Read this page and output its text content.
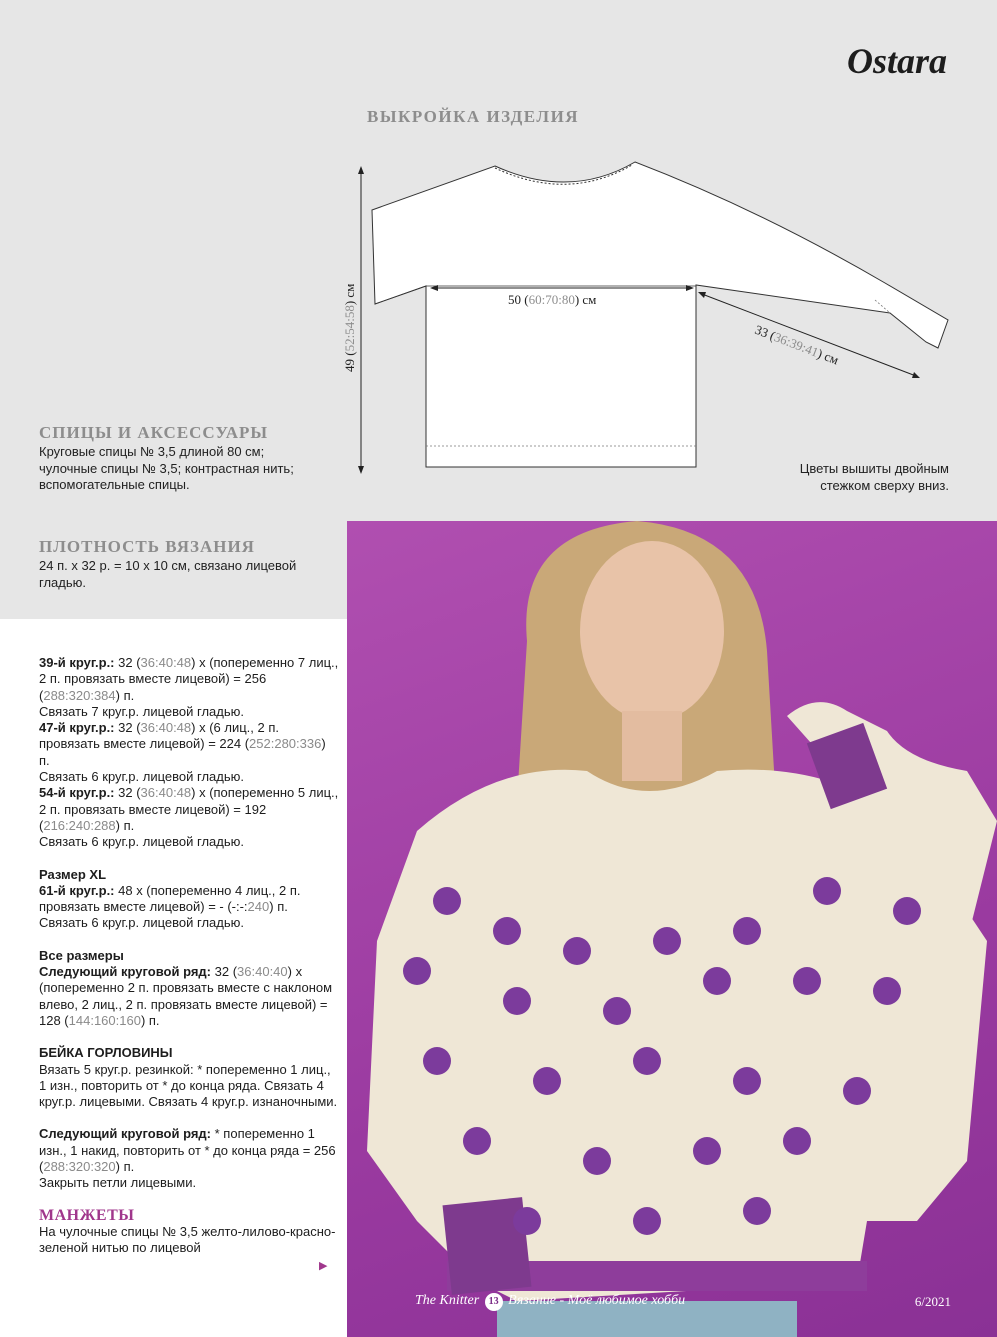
Ostara
ВЫКРОЙКА ИЗДЕЛИЯ
50 (60:70:80) см
49 (52:54:58) см
33 (36:39:41) см
СПИЦЫ И АКСЕССУАРЫ
Круговые спицы № 3,5 длиной 80 см; чулочные спицы № 3,5; контрастная нить; вспомогательные спицы.
ПЛОТНОСТЬ ВЯЗАНИЯ
24 п. х 32 р. = 10 х 10 см, связано лицевой гладью.
Цветы вышиты двойным стежком сверху вниз.

39-й круг.р.: 32 (36:40:48) х (попеременно 7 лиц., 2 п. провязать вместе лицевой) = 256 (288:320:384) п.
Связать 7 круг.р. лицевой гладью.
47-й круг.р.: 32 (36:40:48) х (6 лиц., 2 п. провязать вместе лицевой) = 224 (252:280:336) п.
Связать 6 круг.р. лицевой гладью.
54-й круг.р.: 32 (36:40:48) х (попеременно 5 лиц., 2 п. провязать вместе лицевой) = 192 (216:240:288) п.
Связать 6 круг.р. лицевой гладью.

Размер XL
61-й круг.р.: 48 х (попеременно 4 лиц., 2 п. провязать вместе лицевой) = - (-:-:240) п.
Связать 6 круг.р. лицевой гладью.

Все размеры
Следующий круговой ряд: 32 (36:40:40) х (попеременно 2 п. провязать вместе с наклоном влево, 2 лиц., 2 п. провязать вместе лицевой) = 128 (144:160:160) п.

БЕЙКА ГОРЛОВИНЫ
Вязать 5 круг.р. резинкой: * попеременно 1 лиц., 1 изн., повторить от * до конца ряда. Связать 4 круг.р. лицевыми. Связать 4 круг.р. изнаночными.

Следующий круговой ряд: * попеременно 1 изн., 1 накид, повторить от * до конца ряда = 256 (288:320:320) п.
Закрыть петли лицевыми.

МАНЖЕТЫ
На чулочные спицы № 3,5 желто-лилово-красно-зеленой нитью по лицевой

▶
The Knitter 13 Вязание - Моё любимое хобби	6/2021
